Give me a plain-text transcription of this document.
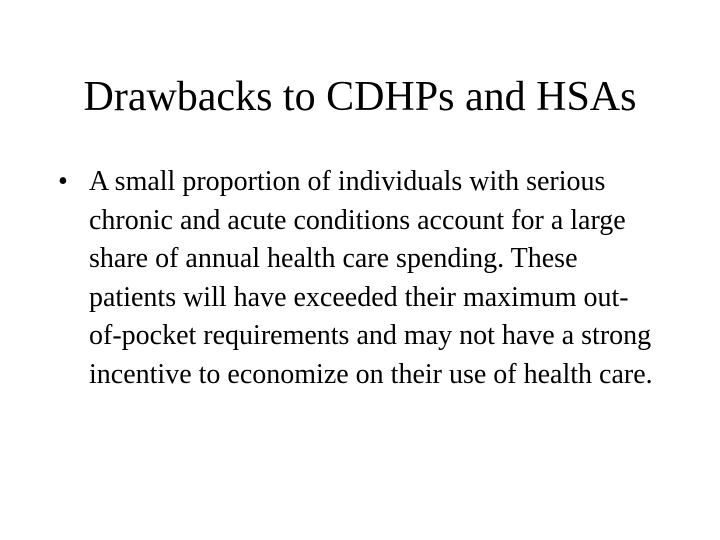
Drawbacks to CDHPs and HSAs
• A small proportion of individuals with serious chronic and acute conditions account for a large share of annual health care spending. These patients will have exceeded their maximum out-of-pocket requirements and may not have a strong incentive to economize on their use of health care.
